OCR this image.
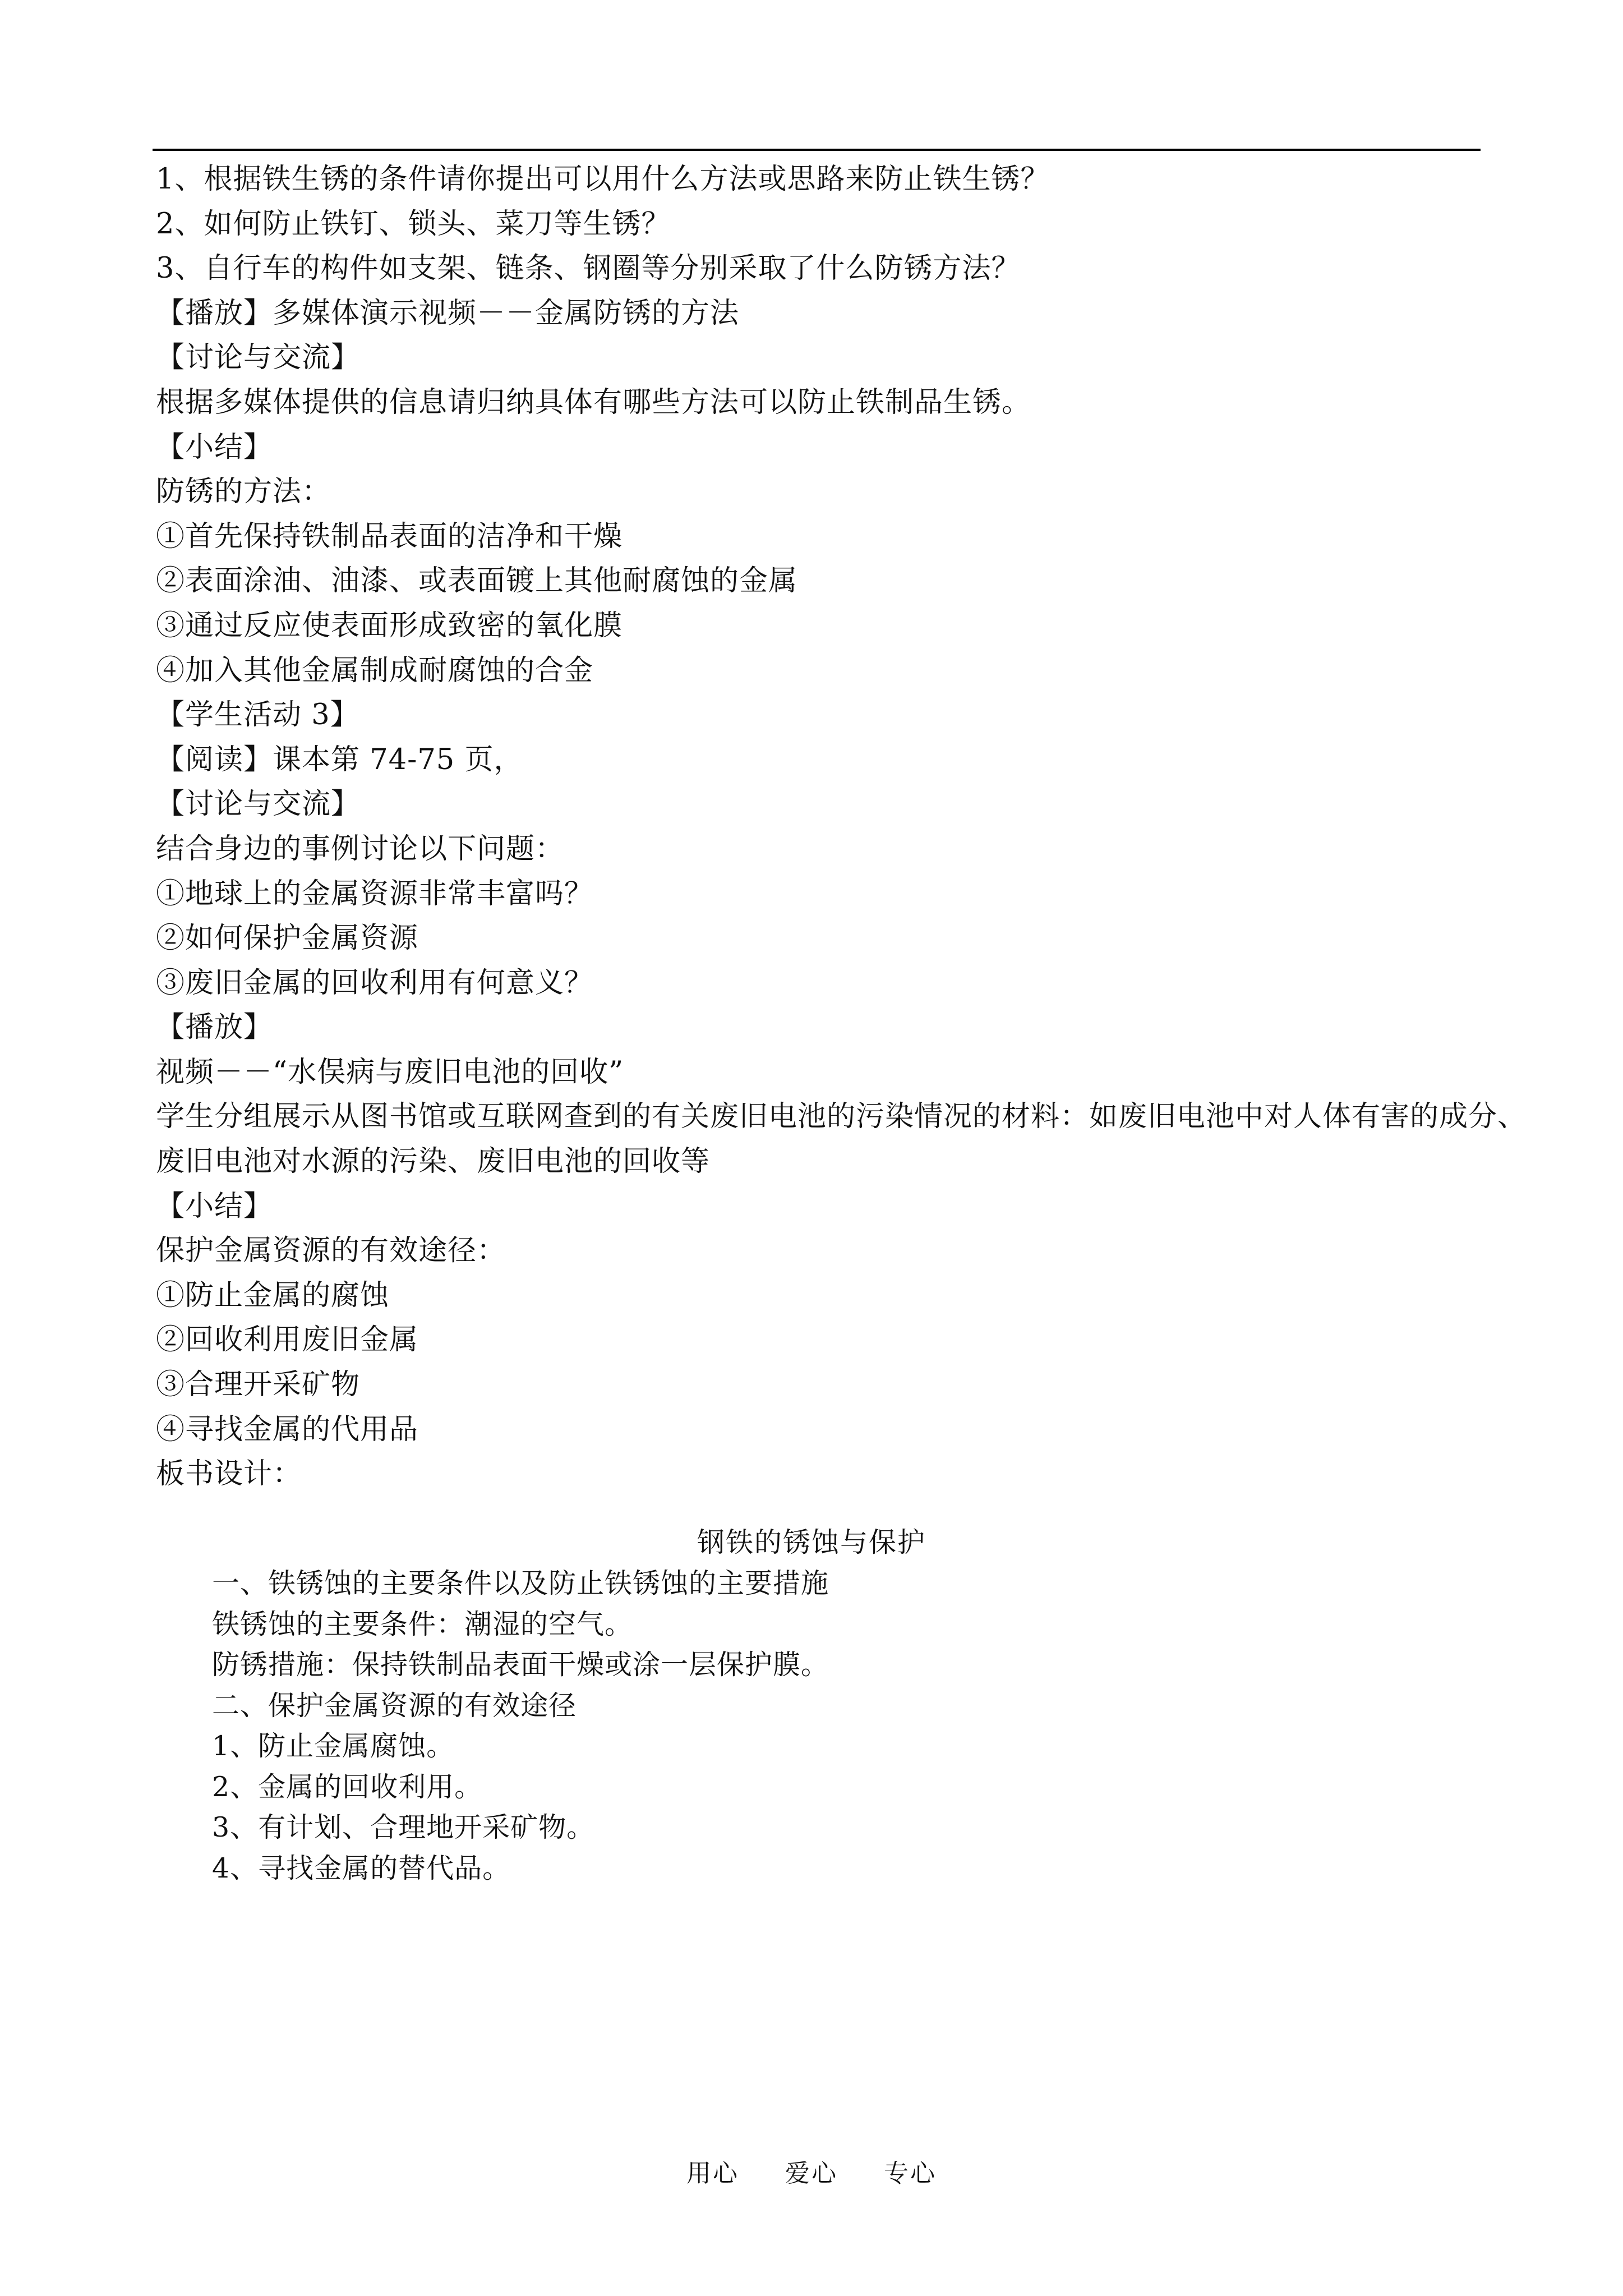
1、根据铁生锈的条件请你提出可以用什么方法或思路来防止铁生锈？
2、如何防止铁钉、锁头、菜刀等生锈？
3、自行车的构件如支架、链条、钢圈等分别采取了什么防锈方法？
【播放】多媒体演示视频－－金属防锈的方法
【讨论与交流】
根据多媒体提供的信息请归纳具体有哪些方法可以防止铁制品生锈。
【小结】
防锈的方法：
①首先保持铁制品表面的洁净和干燥
②表面涂油、油漆、或表面镀上其他耐腐蚀的金属
③通过反应使表面形成致密的氧化膜
④加入其他金属制成耐腐蚀的合金
【学生活动 3】
【阅读】课本第 74-75 页，
【讨论与交流】
结合身边的事例讨论以下问题：
①地球上的金属资源非常丰富吗？
②如何保护金属资源
③废旧金属的回收利用有何意义？
【播放】
视频－－“水俣病与废旧电池的回收”
学生分组展示从图书馆或互联网查到的有关废旧电池的污染情况的材料：如废旧电池中对人体有害的成分、
废旧电池对水源的污染、废旧电池的回收等
【小结】
保护金属资源的有效途径：
①防止金属的腐蚀
②回收利用废旧金属
③合理开采矿物
④寻找金属的代用品
板书设计：
钢铁的锈蚀与保护
一、铁锈蚀的主要条件以及防止铁锈蚀的主要措施
铁锈蚀的主要条件：潮湿的空气。
防锈措施：保持铁制品表面干燥或涂一层保护膜。
二、保护金属资源的有效途径
1、防止金属腐蚀。
2、金属的回收利用。
3、有计划、合理地开采矿物。
4、寻找金属的替代品。
用心 爱心 专心
